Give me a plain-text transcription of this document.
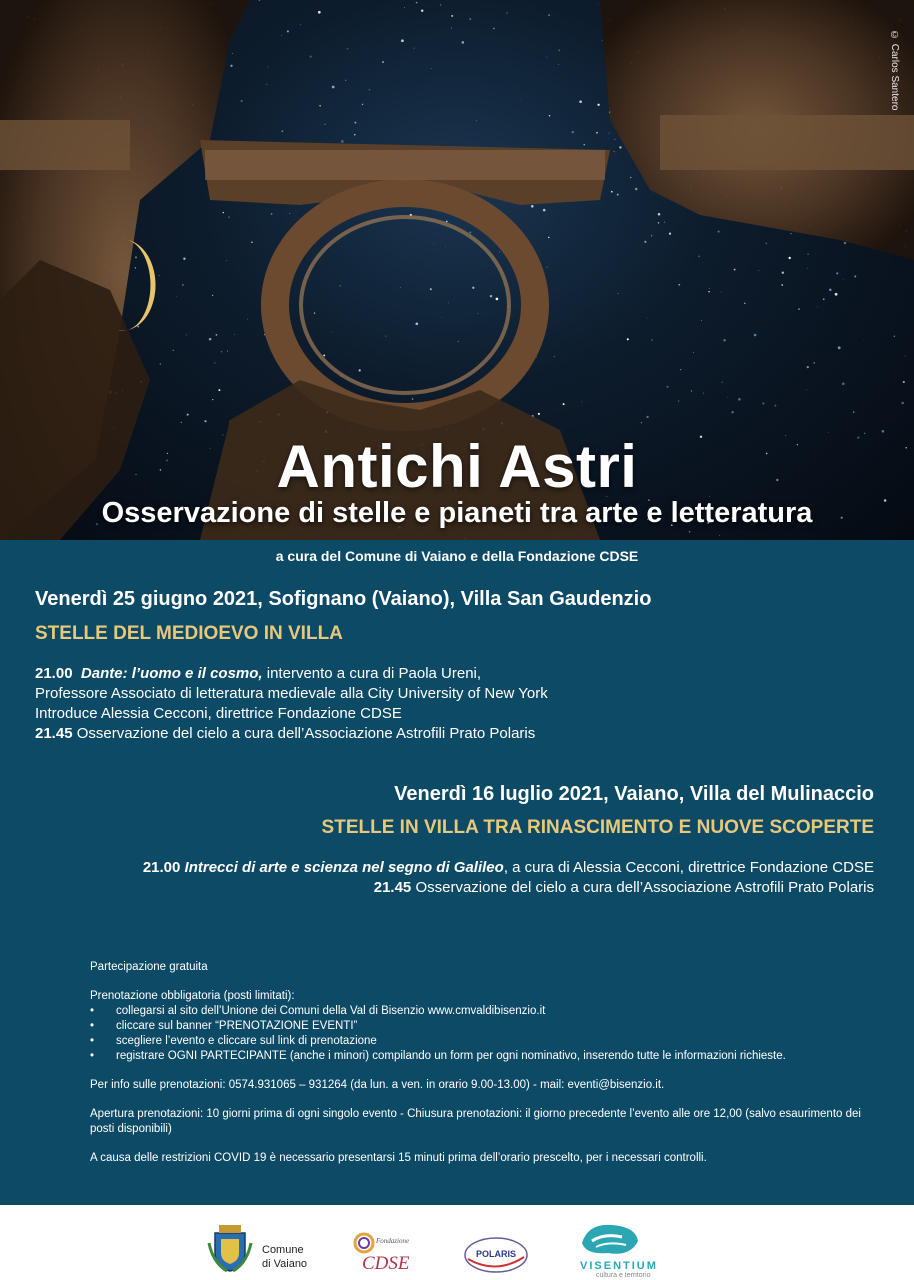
© Carlos Santero
Antichi Astri
Osservazione di stelle e pianeti tra arte e letteratura
a cura del Comune di Vaiano e della Fondazione CDSE
Venerdì 25 giugno 2021, Sofignano (Vaiano), Villa San Gaudenzio
STELLE DEL MEDIOEVO IN VILLA
21.00 Dante: l’uomo e il cosmo, intervento a cura di Paola Ureni,
Professore Associato di letteratura medievale alla City University of New York
Introduce Alessia Cecconi, direttrice Fondazione CDSE
21.45 Osservazione del cielo a cura dell’Associazione Astrofili Prato Polaris
Venerdì 16 luglio 2021, Vaiano, Villa del Mulinaccio
STELLE IN VILLA TRA RINASCIMENTO E NUOVE SCOPERTE
21.00 Intrecci di arte e scienza nel segno di Galileo, a cura di Alessia Cecconi, direttrice Fondazione CDSE
21.45 Osservazione del cielo a cura dell’Associazione Astrofili Prato Polaris

Partecipazione gratuita

Prenotazione obbligatoria (posti limitati):

• collegarsi al sito dell’Unione dei Comuni della Val di Bisenzio www.cmvaldibisenzio.it
• cliccare sul banner “PRENOTAZIONE EVENTI”
• scegliere l’evento e cliccare sul link di prenotazione
• registrare OGNI PARTECIPANTE (anche i minori) compilando un form per ogni nominativo, inserendo tutte le informazioni richieste.

Per info sulle prenotazioni: 0574.931065 – 931264 (da lun. a ven. in orario 9.00-13.00) - mail: eventi@bisenzio.it.

Apertura prenotazioni: 10 giorni prima di ogni singolo evento - Chiusura prenotazioni: il giorno precedente l’evento alle ore 12,00 (salvo esaurimento dei posti disponibili)

A causa delle restrizioni COVID 19 è necessario presentarsi 15 minuti prima dell’orario prescelto, per i necessari controlli.

Comune
di Vaiano
Fondazione
CDSE	POLARIS
VISENTIUM
cultura e territorio
